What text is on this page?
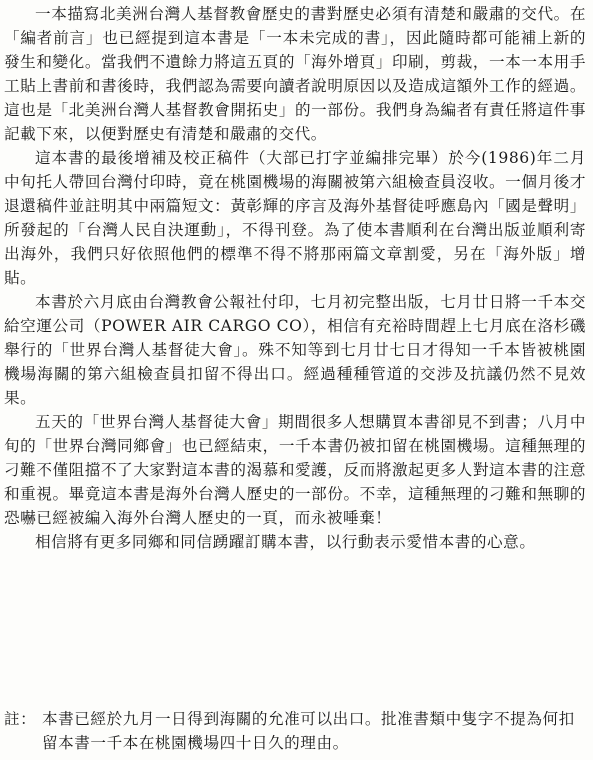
一本描寫北美洲台灣人基督教會歷史的書對歷史必須有清楚和嚴肅的交代。在「編者前言」也已經提到這本書是「一本未完成的書」，因此隨時都可能補上新的發生和變化。當我們不遺餘力將這五頁的「海外增頁」印刷，剪裁，一本一本用手工貼上書前和書後時，我們認為需要向讀者說明原因以及造成這額外工作的經過。這也是「北美洲台灣人基督教會開拓史」的一部份。我們身為編者有責任將這件事記載下來，以便對歷史有清楚和嚴肅的交代。

這本書的最後增補及校正稿件（大部已打字並編排完畢）於今(1986)年二月中旬托人帶回台灣付印時，竟在桃園機場的海關被第六組檢查員沒收。一個月後才退還稿件並註明其中兩篇短文：黃彰輝的序言及海外基督徒呼應島內「國是聲明」所發起的「台灣人民自決運動」，不得刊登。為了使本書順利在台灣出版並順利寄出海外，我們只好依照他們的標準不得不將那兩篇文章割愛，另在「海外版」增貼。

本書於六月底由台灣教會公報社付印，七月初完整出版，七月廿日將一千本交給空運公司（POWER AIR CARGO CO），相信有充裕時間趕上七月底在洛杉磯舉行的「世界台灣人基督徒大會」。殊不知等到七月廿七日才得知一千本皆被桃園機場海關的第六組檢查員扣留不得出口。經過種種管道的交涉及抗議仍然不見效果。

五天的「世界台灣人基督徒大會」期間很多人想購買本書卻見不到書；八月中旬的「世界台灣同鄉會」也已經結束，一千本書仍被扣留在桃園機場。這種無理的刁難不僅阻擋不了大家對這本書的渴慕和愛護，反而將激起更多人對這本書的注意和重視。畢竟這本書是海外台灣人歷史的一部份。不幸，這種無理的刁難和無聊的恐嚇已經被編入海外台灣人歷史的一頁，而永被唾棄！

相信將有更多同鄉和同信踴躍訂購本書，以行動表示愛惜本書的心意。

註： 本書已經於九月一日得到海關的允准可以出口。批准書類中隻字不提為何扣留本書一千本在桃園機場四十日久的理由。
